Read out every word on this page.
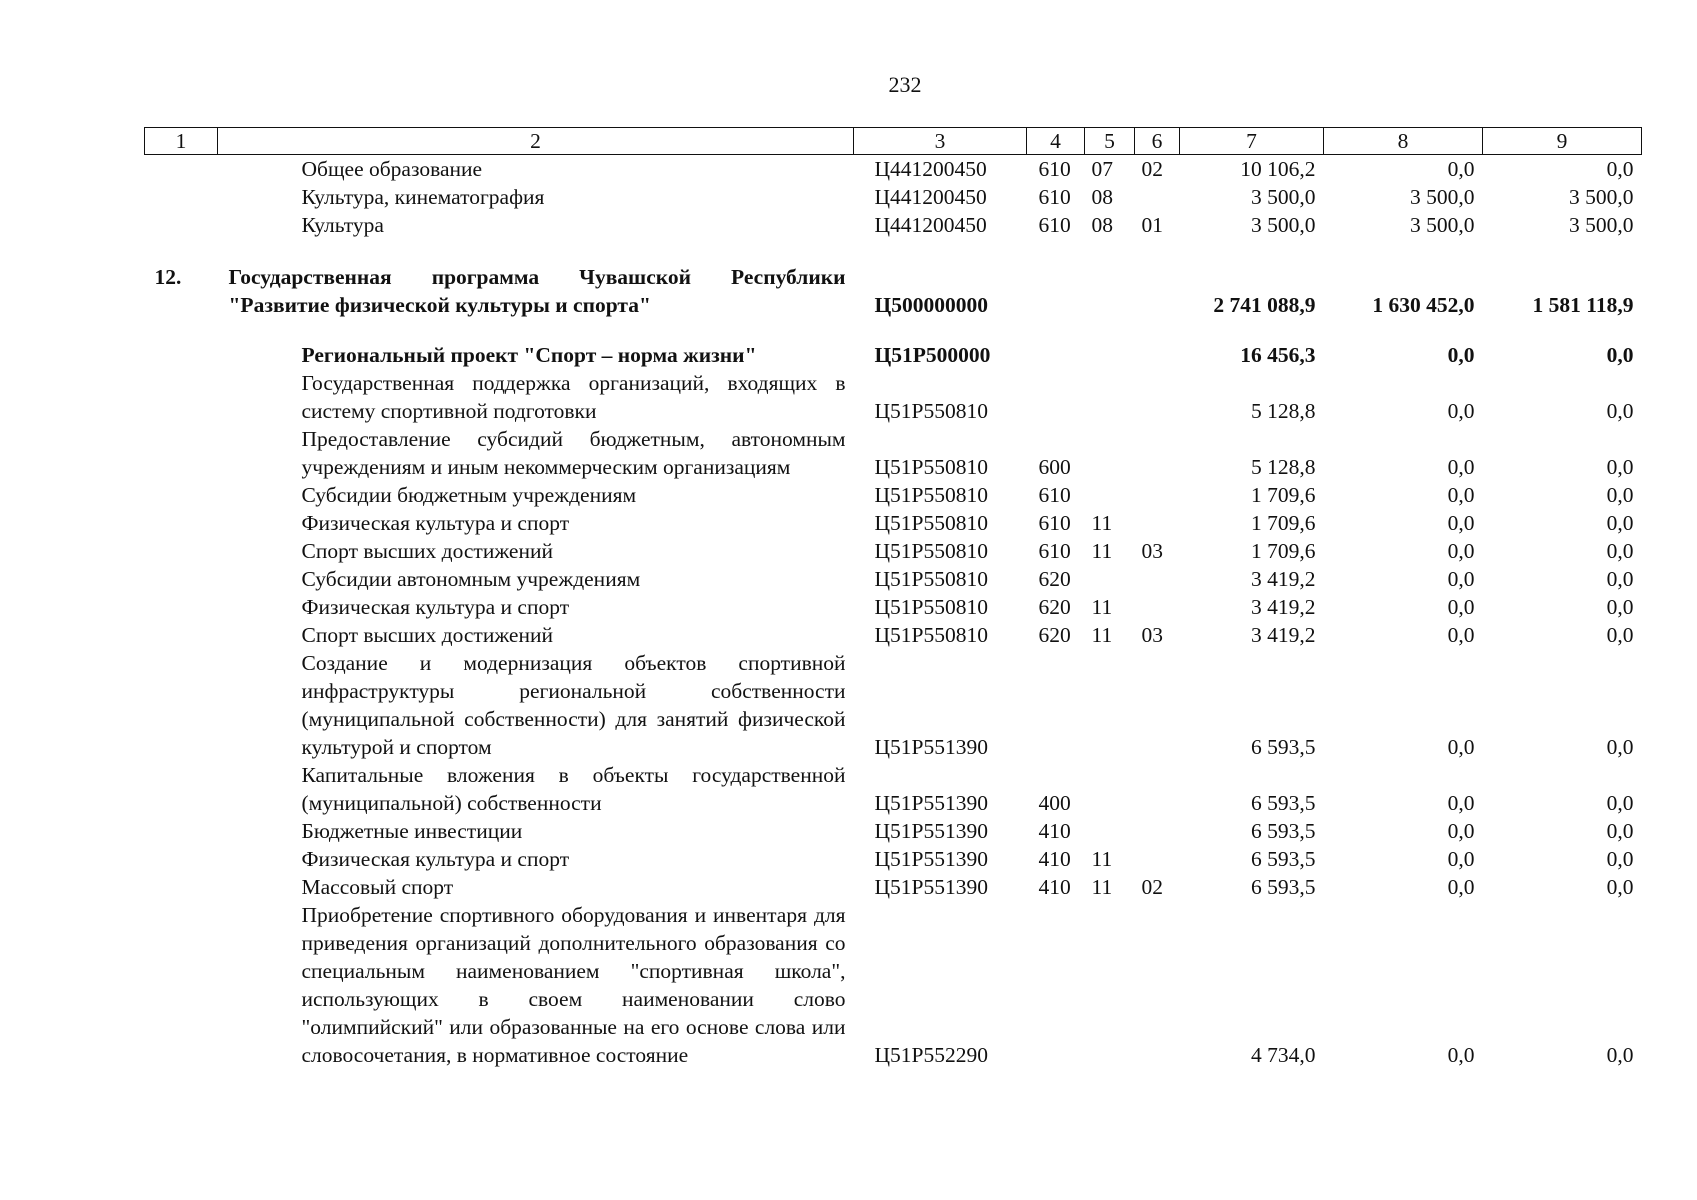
232
1	2	3	4	5	6	7	8	9
	Общее образование	Ц441200450	610	07	02	10 106,2	0,0	0,0
	Культура, кинематография	Ц441200450	610	08		3 500,0	3 500,0	3 500,0
	Культура	Ц441200450	610	08	01	3 500,0	3 500,0	3 500,0

12.	Государственная программа Чувашской Республики "Развитие физической культуры и спорта"	Ц500000000				2 741 088,9	1 630 452,0	1 581 118,9

	Региональный проект "Спорт – норма жизни"	Ц51P500000				16 456,3	0,0	0,0
	Государственная поддержка организаций, входящих в систему спортивной подготовки	Ц51P550810				5 128,8	0,0	0,0
	Предоставление субсидий бюджетным, автономным учреждениям и иным некоммерческим организациям	Ц51P550810	600			5 128,8	0,0	0,0
	Субсидии бюджетным учреждениям	Ц51P550810	610			1 709,6	0,0	0,0
	Физическая культура и спорт	Ц51P550810	610	11		1 709,6	0,0	0,0
	Спорт высших достижений	Ц51P550810	610	11	03	1 709,6	0,0	0,0
	Субсидии автономным учреждениям	Ц51P550810	620			3 419,2	0,0	0,0
	Физическая культура и спорт	Ц51P550810	620	11		3 419,2	0,0	0,0
	Спорт высших достижений	Ц51P550810	620	11	03	3 419,2	0,0	0,0
	Создание и модернизация объектов спортивной инфраструктуры региональной собственности (муниципальной собственности) для занятий физической культурой и спортом	Ц51P551390				6 593,5	0,0	0,0
	Капитальные вложения в объекты государственной (муниципальной) собственности	Ц51P551390	400			6 593,5	0,0	0,0
	Бюджетные инвестиции	Ц51P551390	410			6 593,5	0,0	0,0
	Физическая культура и спорт	Ц51P551390	410	11		6 593,5	0,0	0,0
	Массовый спорт	Ц51P551390	410	11	02	6 593,5	0,0	0,0
	Приобретение спортивного оборудования и инвентаря для приведения организаций дополнительного образования со специальным наименованием "спортивная школа", использующих в своем наименовании слово "олимпийский" или образованные на его основе слова или словосочетания, в нормативное состояние	Ц51P552290				4 734,0	0,0	0,0
